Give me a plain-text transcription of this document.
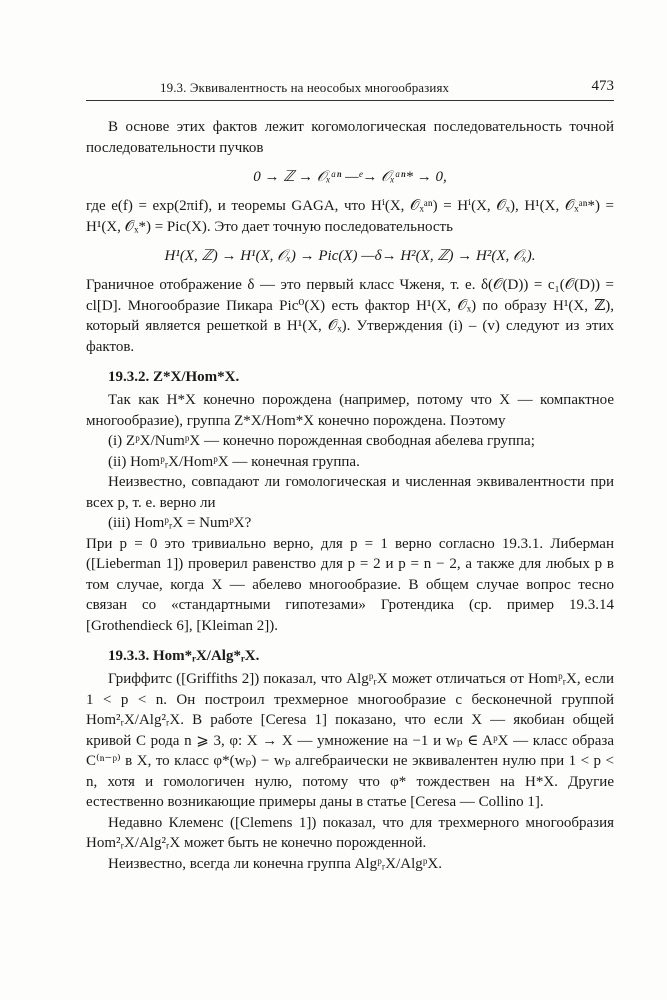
19.3. Эквивалентность на неособых многообразиях	473

В основе этих фактов лежит когомологическая последовательность точной последовательности пучков

0 → ℤ → 𝒪ₓᵃⁿ —ᵉ→ 𝒪ₓᵃⁿ* → 0,

где e(f) = exp(2πif), и теоремы GAGA, что Hⁱ(X, 𝒪ₓᵃⁿ) = Hⁱ(X, 𝒪ₓ), H¹(X, 𝒪ₓᵃⁿ*) = H¹(X, 𝒪ₓ*) = Pic(X). Это дает точную последовательность

H¹(X, ℤ) → H¹(X, 𝒪ₓ) → Pic(X) —δ→ H²(X, ℤ) → H²(X, 𝒪ₓ).

Граничное отображение δ — это первый класс Чженя, т. е. δ(𝒪(D)) = c₁(𝒪(D)) = cl[D]. Многообразие Пикара Pic⁰(X) есть фактор H¹(X, 𝒪ₓ) по образу H¹(X, ℤ), который является решеткой в H¹(X, 𝒪ₓ). Утверждения (i) – (v) следуют из этих фактов.

19.3.2. Z*X/Hom*X.

Так как H*X конечно порождена (например, потому что X — компактное многообразие), группа Z*X/Hom*X конечно порождена. Поэтому

(i) ZᵖX/NumᵖX — конечно порожденная свободная абелева группа;
(ii) HomᵖᵣX/HomᵖX — конечная группа.

Неизвестно, совпадают ли гомологическая и численная эквивалентности при всех p, т. е. верно ли

(iii) HomᵖᵣX = NumᵖX?

При p = 0 это тривиально верно, для p = 1 верно согласно 19.3.1. Либерман ([Lieberman 1]) проверил равенство для p = 2 и p = n − 2, а также для любых p в том случае, когда X — абелево многообразие. В общем случае вопрос тесно связан со «стандартными гипотезами» Гротендика (ср. пример 19.3.14 [Grothendieck 6], [Kleiman 2]).

19.3.3. Hom*ᵣX/Alg*ᵣX.

Гриффитс ([Griffiths 2]) показал, что AlgᵖᵣX может отличаться от HomᵖᵣX, если 1 < p < n. Он построил трехмерное многообразие с бесконечной группой Hom²ᵣX/Alg²ᵣX. В работе [Ceresa 1] показано, что если X — якобиан общей кривой C рода n ⩾ 3, φ: X → X — умножение на −1 и wₚ ∈ AᵖX — класс образа C⁽ⁿ⁻ᵖ⁾ в X, то класс φ*(wₚ) − wₚ алгебраически не эквивалентен нулю при 1 < p < n, хотя и гомологичен нулю, потому что φ* тождествен на H*X. Другие естественно возникающие примеры даны в статье [Ceresa — Collino 1].

Недавно Клеменс ([Clemens 1]) показал, что для трехмерного многообразия Hom²ᵣX/Alg²ᵣX может быть не конечно порожденной.

Неизвестно, всегда ли конечна группа AlgᵖᵣX/AlgᵖX.
